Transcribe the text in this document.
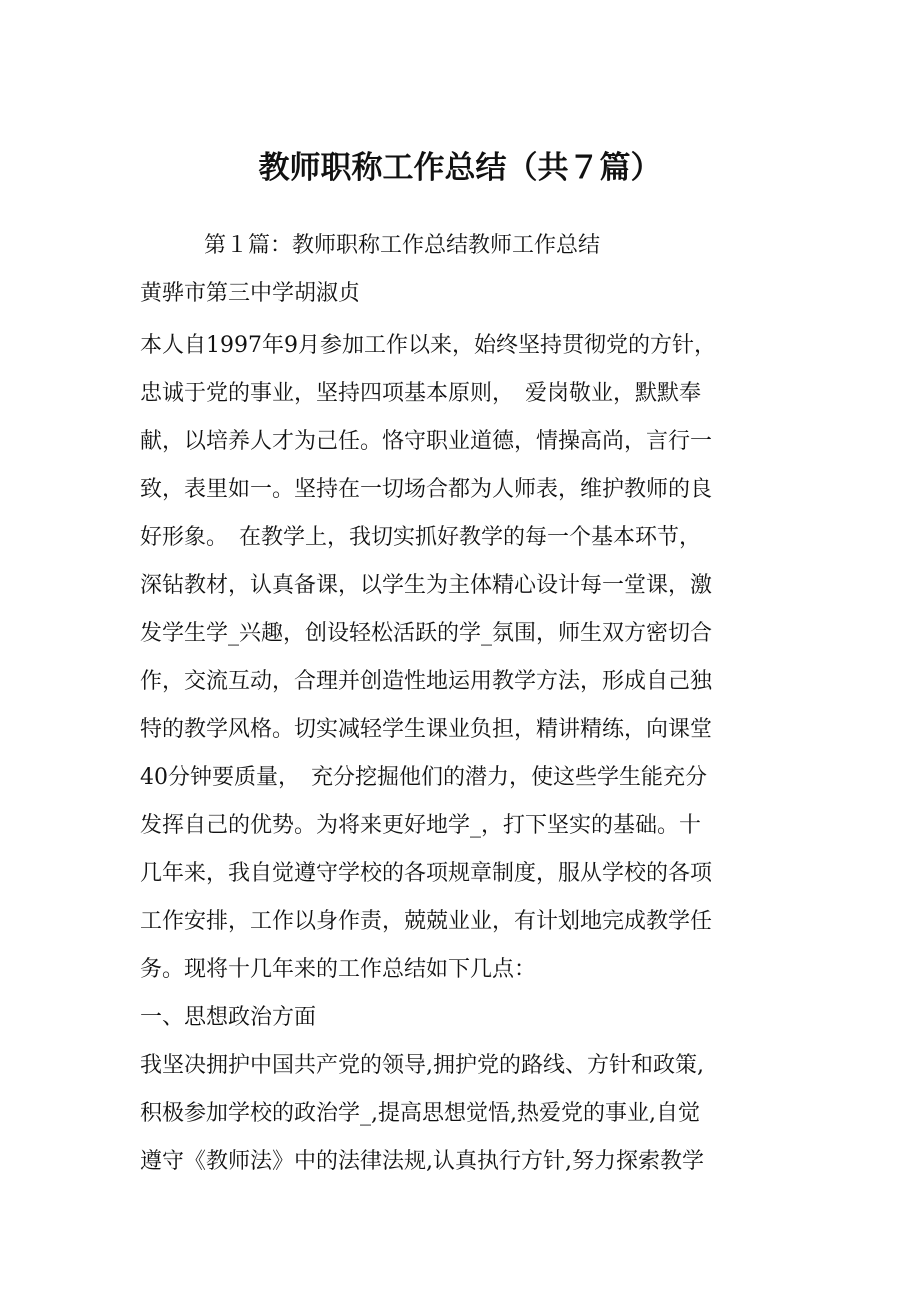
教师职称工作总结（共７篇）

第１篇：教师职称工作总结教师工作总结

黄骅市第三中学胡淑贞

本人自1997年9月参加工作以来，始终坚持贯彻党的方针，
忠诚于党的事业，坚持四项基本原则，　爱岗敬业，默默奉
献，以培养人才为己任。恪守职业道德，情操高尚，言行一
致，表里如一。坚持在一切场合都为人师表，维护教师的良
好形象。　在教学上，我切实抓好教学的每一个基本环节，
深钻教材，认真备课，以学生为主体精心设计每一堂课，激
发学生学_兴趣，创设轻松活跃的学_氛围，师生双方密切合
作，交流互动，合理并创造性地运用教学方法，形成自己独
特的教学风格。切实减轻学生课业负担，精讲精练，向课堂
40分钟要质量，　充分挖掘他们的潜力，使这些学生能充分
发挥自己的优势。为将来更好地学_，打下坚实的基础。十
几年来，我自觉遵守学校的各项规章制度，服从学校的各项
工作安排，工作以身作责，兢兢业业，有计划地完成教学任
务。现将十几年来的工作总结如下几点：
一、思想政治方面
我坚决拥护中国共产党的领导,拥护党的路线、方针和政策,
积极参加学校的政治学_,提高思想觉悟,热爱党的事业,自觉
遵守《教师法》中的法律法规,认真执行方针,努力探索教学
